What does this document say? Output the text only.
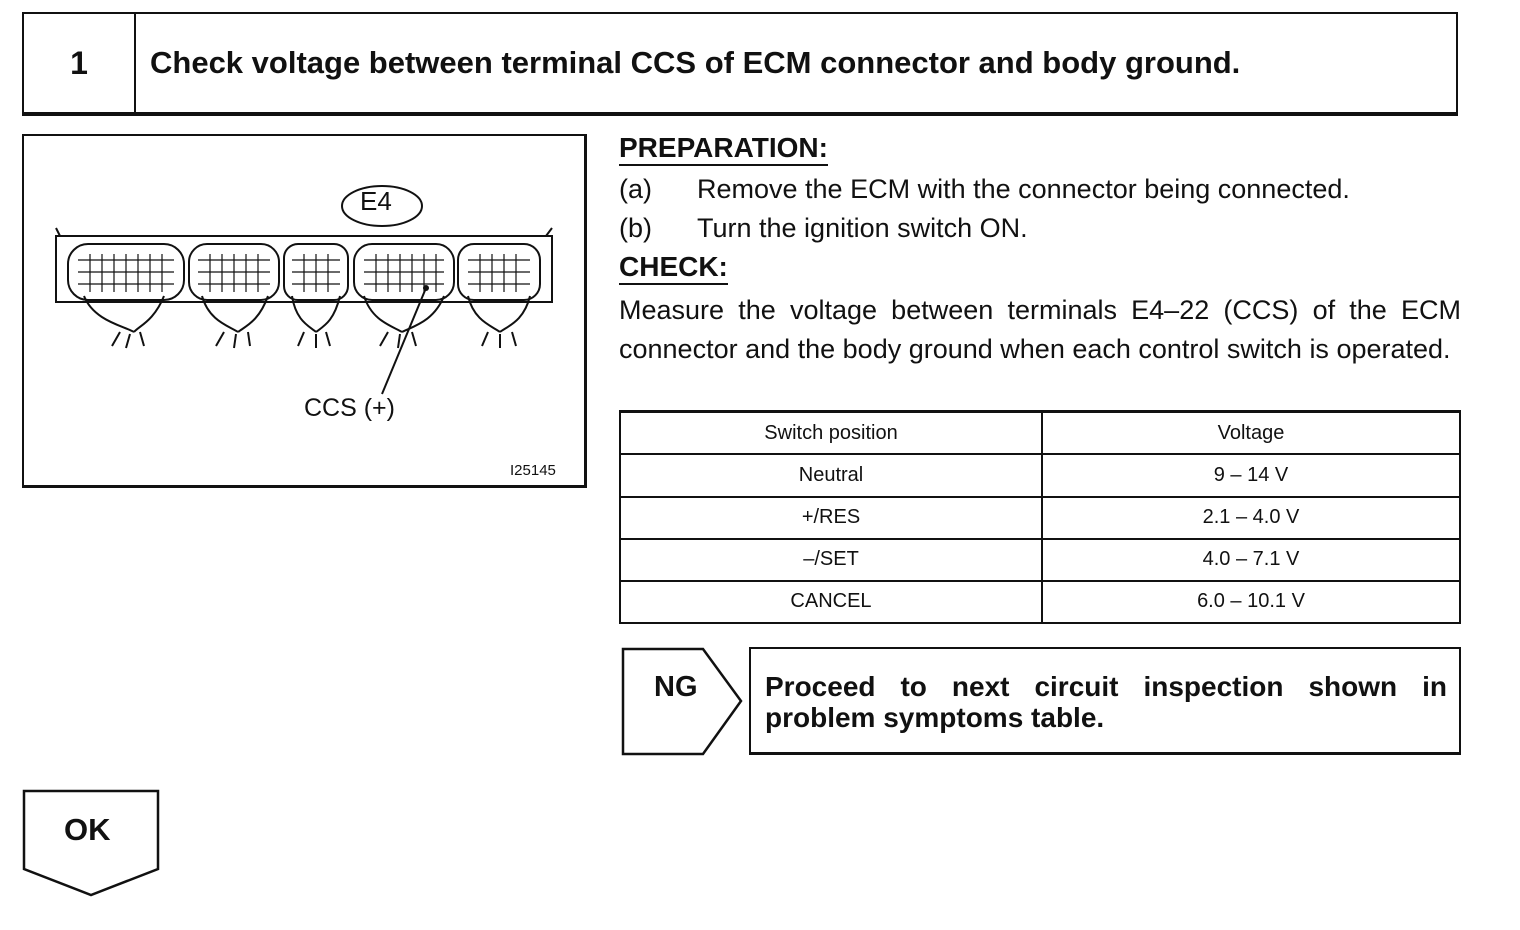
1	Check voltage between terminal CCS of ECM connector and body ground.
E4
CCS (+)
I25145
PREPARATION:
(a) Remove the ECM with the connector being connected.
(b) Turn the ignition switch ON.
CHECK:
Measure the voltage between terminals E4–22 (CCS) of the ECM connector and the body ground when each control switch is operated.
Switch position	Voltage
Neutral	9 – 14 V
+/RES	2.1 – 4.0 V
–/SET	4.0 – 7.1 V
CANCEL	6.0 – 10.1 V
NG Proceed to next circuit inspection shown in problem symptoms table.
OK
